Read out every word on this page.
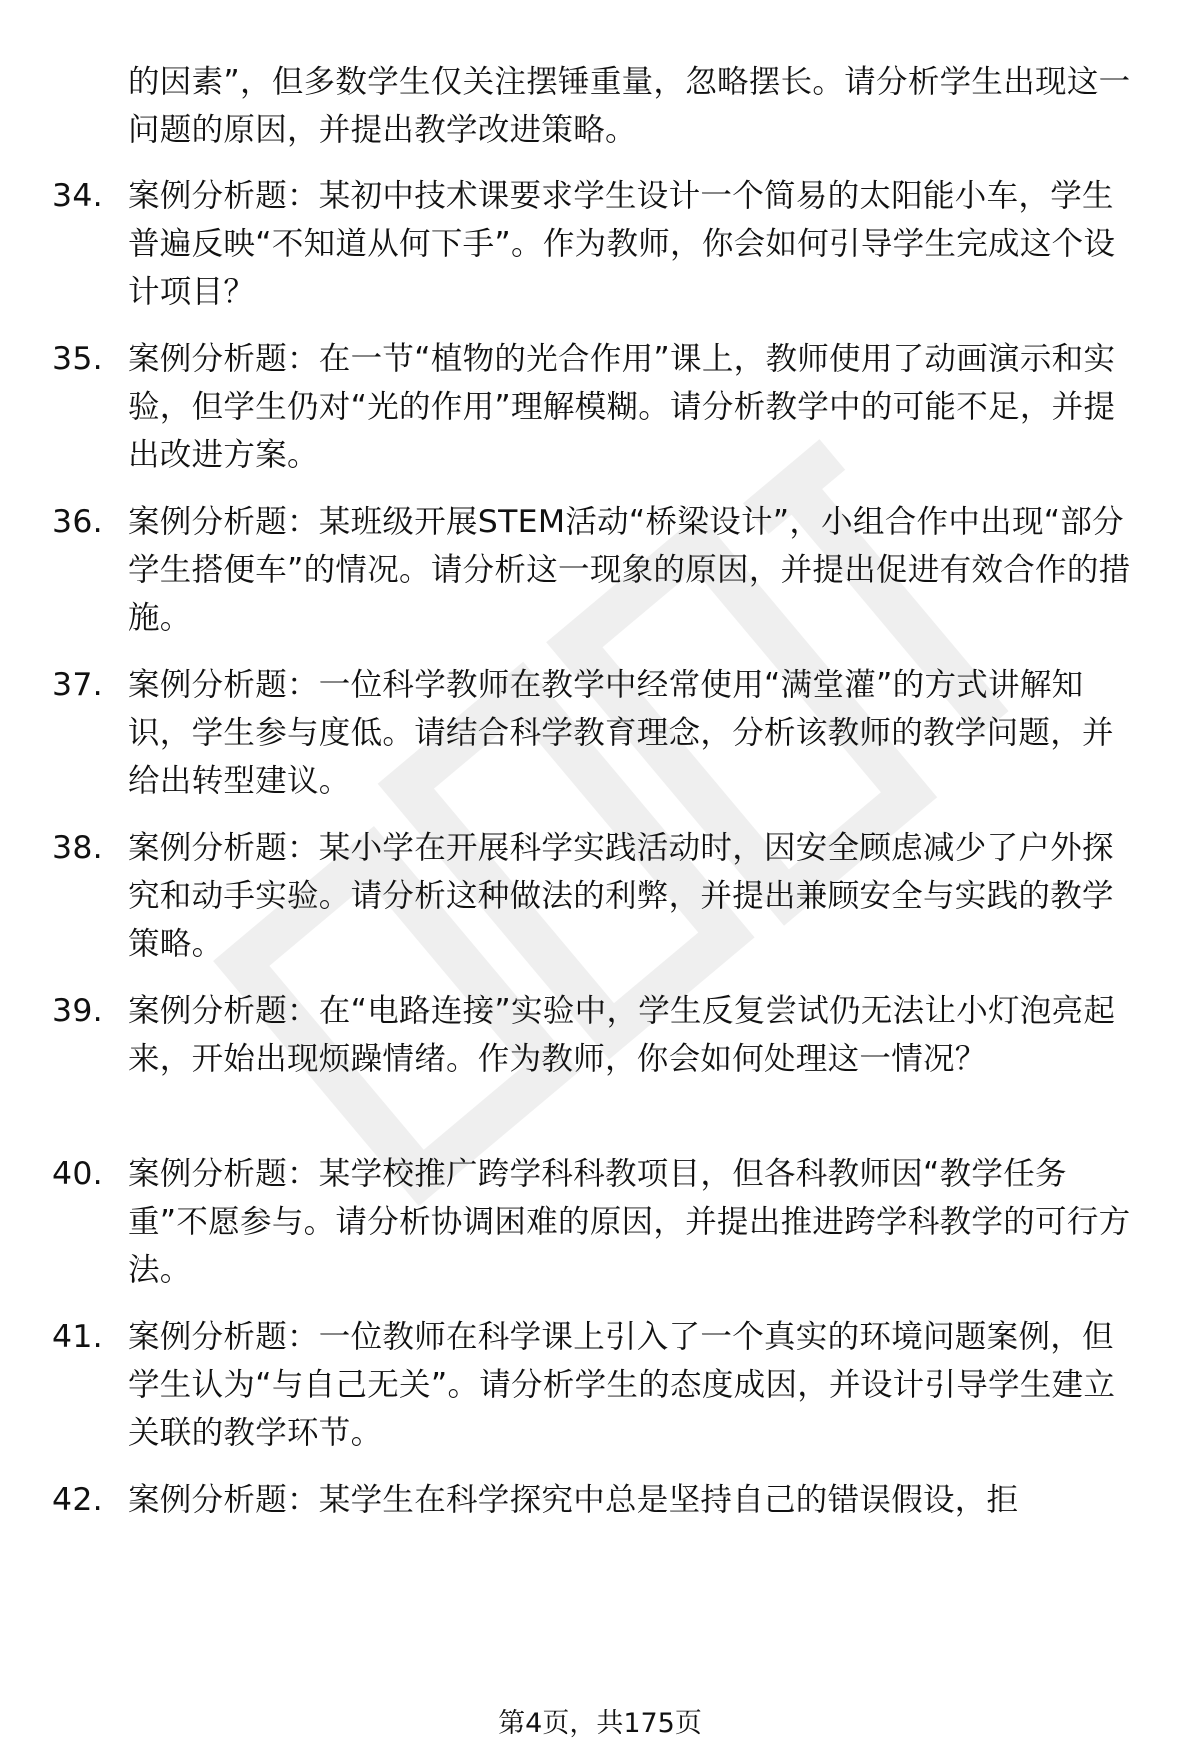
的因素”，但多数学生仅关注摆锤重量，忽略摆长。请分析学生出现这一问题的原因，并提出教学改进策略。
34. 案例分析题：某初中技术课要求学生设计一个简易的太阳能小车，学生普遍反映“不知道从何下手”。作为教师，你会如何引导学生完成这个设计项目？
35. 案例分析题：在一节“植物的光合作用”课上，教师使用了动画演示和实验，但学生仍对“光的作用”理解模糊。请分析教学中的可能不足，并提出改进方案。
36. 案例分析题：某班级开展STEM活动“桥梁设计”，小组合作中出现“部分学生搭便车”的情况。请分析这一现象的原因，并提出促进有效合作的措施。
37. 案例分析题：一位科学教师在教学中经常使用“满堂灌”的方式讲解知识，学生参与度低。请结合科学教育理念，分析该教师的教学问题，并给出转型建议。
38. 案例分析题：某小学在开展科学实践活动时，因安全顾虑减少了户外探究和动手实验。请分析这种做法的利弊，并提出兼顾安全与实践的教学策略。
39. 案例分析题：在“电路连接”实验中，学生反复尝试仍无法让小灯泡亮起来，开始出现烦躁情绪。作为教师，你会如何处理这一情况？
40. 案例分析题：某学校推广跨学科科教项目，但各科教师因“教学任务重”不愿参与。请分析协调困难的原因，并提出推进跨学科教学的可行方法。
41. 案例分析题：一位教师在科学课上引入了一个真实的环境问题案例，但学生认为“与自己无关”。请分析学生的态度成因，并设计引导学生建立关联的教学环节。
42. 案例分析题：某学生在科学探究中总是坚持自己的错误假设，拒
第4页，共175页
